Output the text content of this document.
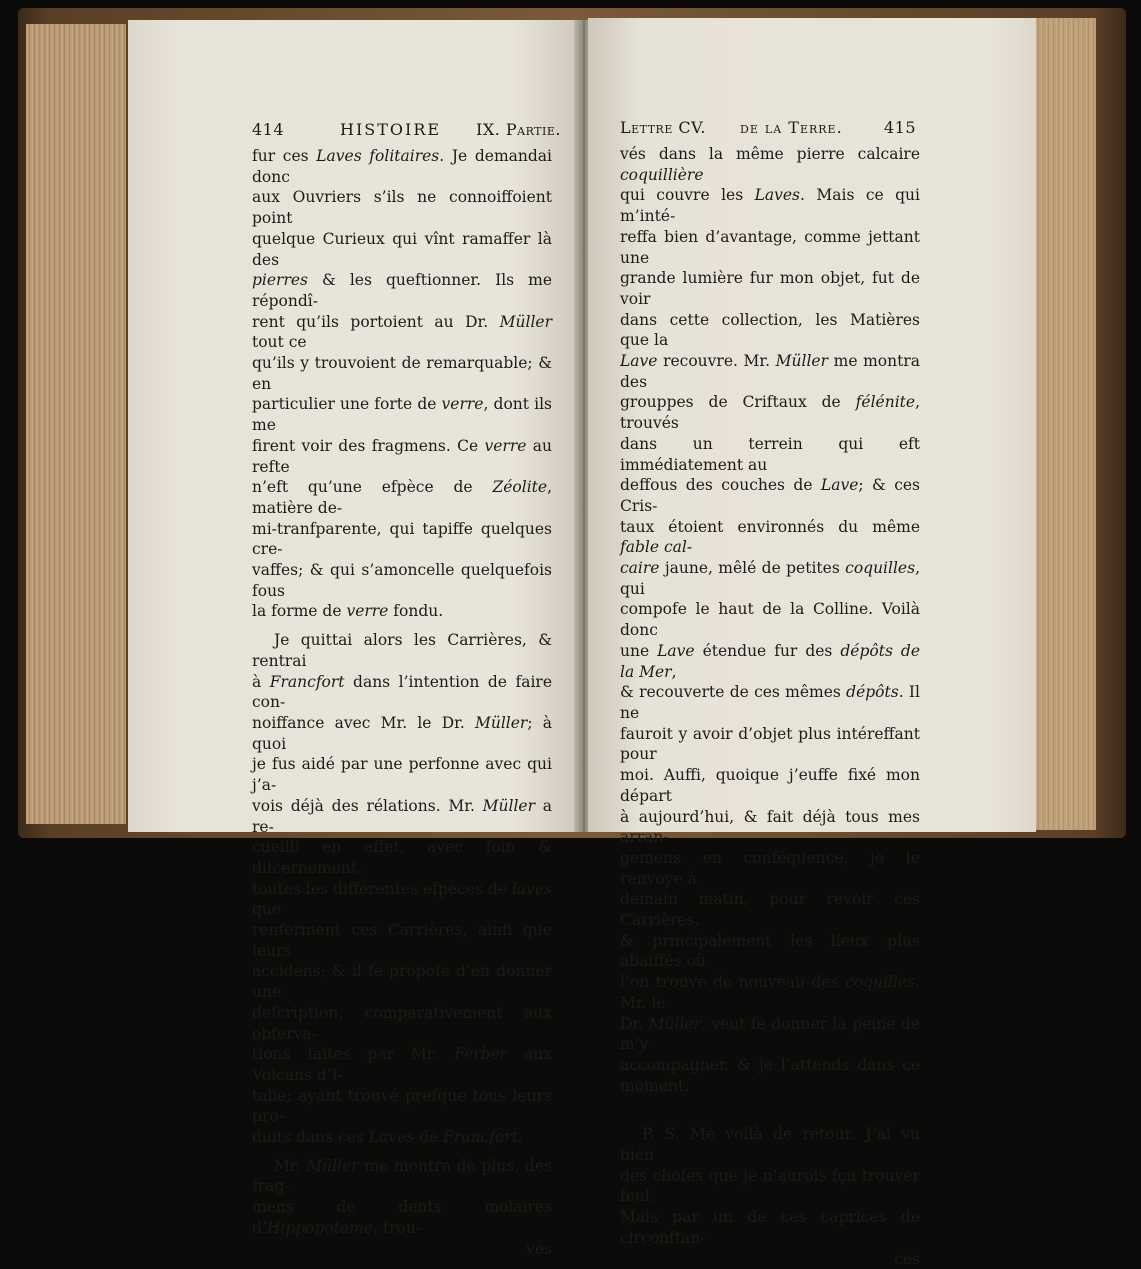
414	HISTOIRE IX. Partie.

fur ces Laves folitaires. Je demandai donc

aux Ouvriers s’ils ne connoiffoient point

quelque Curieux qui vînt ramaffer là des

pierres & les queftionner. Ils me répondî-

rent qu’ils portoient au Dr. Müller tout ce

qu’ils y trouvoient de remarquable; & en

particulier une forte de verre, dont ils me

firent voir des fragmens. Ce verre au refte

n’eft qu’une efpèce de Zéolite, matière de-

mi-tranfparente, qui tapiffe quelques cre-

vaffes; & qui s’amoncelle quelquefois fous

la forme de verre fondu.

Je quittai alors les Carrières, & rentrai

à Francfort dans l’intention de faire con-

noiffance avec Mr. le Dr. Müller; à quoi

je fus aidé par une perfonne avec qui j’a-

vois déjà des rélations. Mr. Müller a re-

cueilli en effet, avec foin & difcernement,

toutes les différentes efpèces de laves que

renferment ces Carrières, ainfi que leurs

accidens; & il fe propofe d’en donner une

defcription, comparativement aux obferva-

tions faites par Mr. Ferber aux Volcans d’I-

talie; ayant trouvé prefque tous leurs pro-

duits dans ces Laves de Francfort.

Mr. Müller me montra de plus, des frag-

mens de dents molaires d’Hippopotame, trou-

vés

Lettre CV. de la Terre.	415

vés dans la même pierre calcaire coquillière

qui couvre les Laves. Mais ce qui m’inté-

reffa bien d’avantage, comme jettant une

grande lumière fur mon objet, fut de voir

dans cette collection, les Matières que la

Lave recouvre. Mr. Müller me montra des

grouppes de Criftaux de félénite, trouvés

dans un terrein qui eft immédiatement au

deffous des couches de Lave; & ces Cris-

taux étoient environnés du même fable cal-

caire jaune, mêlé de petites coquilles, qui

compofe le haut de la Colline. Voilà donc

une Lave étendue fur des dépôts de la Mer,

& recouverte de ces mêmes dépôts. Il ne

fauroit y avoir d’objet plus intéreffant pour

moi. Auffi, quoique j’euffe fixé mon départ

à aujourd’hui, & fait déjà tous mes arran-

gemens en conféquence, je le renvoye à

demain matin, pour revoir ces Carrières,

& principalement les lieux plus abaiffés où

l’on trouve de nouveau des coquilles. Mr. le

Dr. Müller, veut fe donner la peine de m’y

accompagner, & je l’attends dans ce moment.

P. S. Me voilà de retour. J’ai vu bien

des chofes que je n’aurois fçu trouver feul.

Mais par un de ces caprices de circonftan-

ces
